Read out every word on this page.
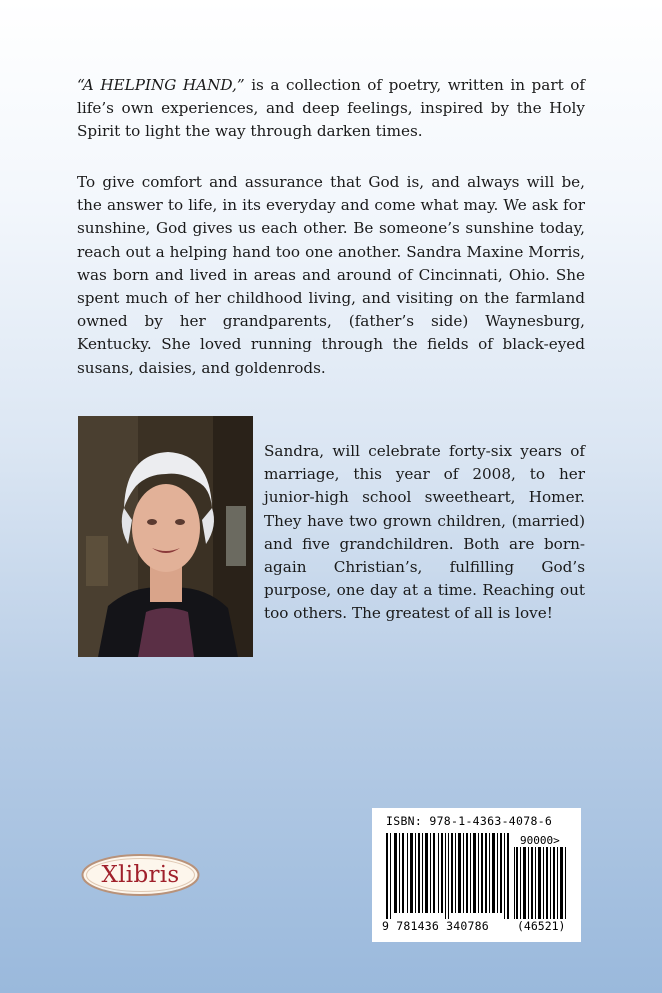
“A HELPING HAND,” is a collection of poetry, written in part of life’s own experiences, and deep feelings, inspired by the Holy Spirit to light the way through darken times.

To give comfort and assurance that God is, and always will be, the answer to life, in its everyday and come what may. We ask for sunshine, God gives us each other. Be someone’s sunshine today, reach out a helping hand too one another. Sandra Maxine Morris, was born and lived in areas and around of Cincinnati, Ohio. She spent much of her childhood living, and visiting on the farmland owned by her grandparents, (father’s side) Waynesburg, Kentucky. She loved running through the fields of black-eyed susans, daisies, and goldenrods.

Sandra, will celebrate forty-six years of marriage, this year of 2008, to her junior-high school sweetheart, Homer. They have two grown children, (married) and five grandchildren. Both are born-again Christian’s, fulfilling God’s purpose, one day at a time. Reaching out too others. The greatest of all is love!

ISBN: 978-1-4363-4078-6
90000>
9 781436 340786 (46521)
Xlibris
